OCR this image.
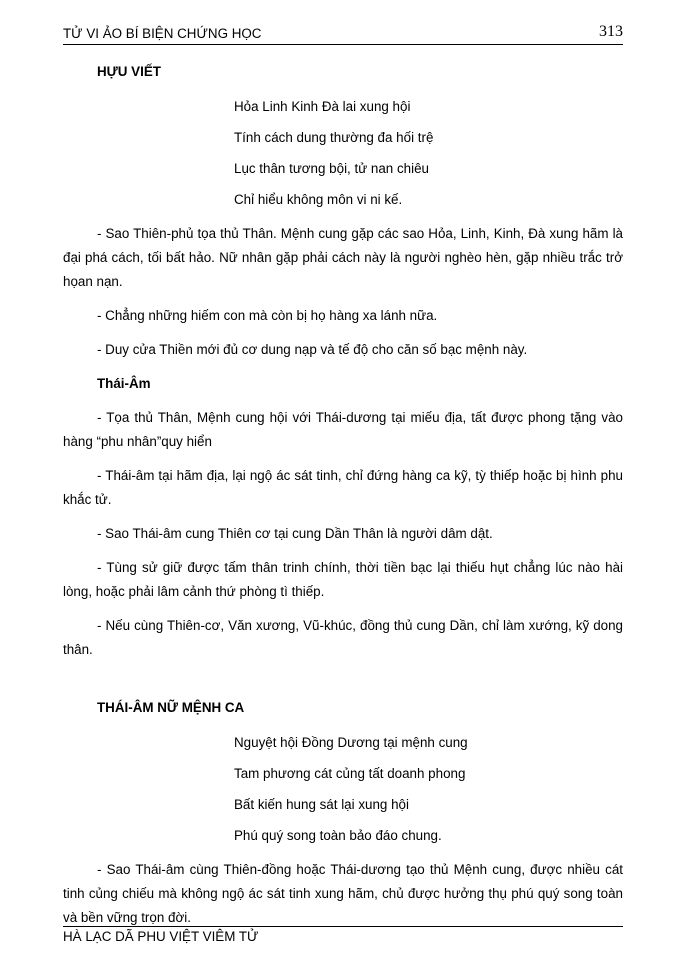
TỬ VI ẢO BÍ BIỆN CHỨNG HỌC	313
HỰU VIẾT
Hỏa Linh Kinh Đà lai xung hội
Tính cách dung thường đa hối trệ
Lục thân tương bội, tử nan chiêu
Chỉ hiểu không môn vi ni kế.

- Sao Thiên-phủ tọa thủ Thân. Mệnh cung gặp các sao Hỏa, Linh, Kinh, Đà xung hãm là đại phá cách, tối bất hảo. Nữ nhân gặp phải cách này là người nghèo hèn, gặp nhiều trắc trở họan nạn.

- Chẳng những hiếm con mà còn bị họ hàng xa lánh nữa.

- Duy cửa Thiền mới đủ cơ dung nạp và tế độ cho căn số bạc mệnh này.

Thái-Âm

- Tọa thủ Thân, Mệnh cung hội với Thái-dương tại miếu địa, tất được phong tặng vào hàng “phu nhân”quy hiển

- Thái-âm tại hãm địa, lại ngộ ác sát tinh, chỉ đứng hàng ca kỹ, tỳ thiếp hoặc bị hình phu khắc tử.

- Sao Thái-âm cung Thiên cơ tại cung Dần Thân là người dâm dật.

- Tùng sử giữ được tấm thân trinh chính, thời tiền bạc lại thiếu hụt chẳng lúc nào hài lòng, hoặc phải lâm cảnh thứ phòng tì thiếp.

- Nếu cùng Thiên-cơ, Văn xương, Vũ-khúc, đồng thủ cung Dần, chỉ làm xướng, kỹ dong thân.

THÁI-ÂM NỮ MỆNH CA
Nguyệt hội Đồng Dương tại mệnh cung
Tam phương cát củng tất doanh phong
Bất kiến hung sát lại xung hội
Phú quý song toàn bảo đáo chung.

- Sao Thái-âm cùng Thiên-đồng hoặc Thái-dương tạo thủ Mệnh cung, được nhiều cát tinh củng chiếu mà không ngộ ác sát tinh xung hãm, chủ được hưởng thụ phú quý song toàn và bền vững trọn đời.

HÀ LẠC DÃ PHU VIỆT VIÊM TỬ
